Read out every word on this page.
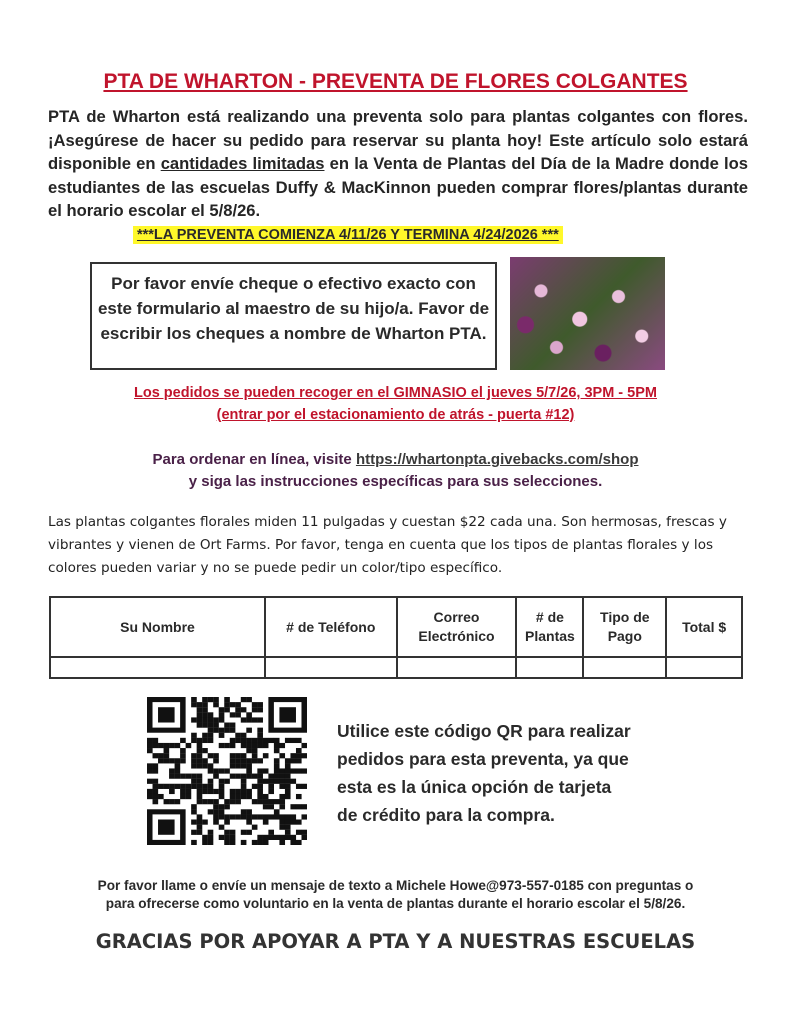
PTA DE WHARTON - PREVENTA DE FLORES COLGANTES

PTA de Wharton está realizando una preventa solo para plantas colgantes con flores. ¡Asegúrese de hacer su pedido para reservar su planta hoy! Este artículo solo estará disponible en cantidades limitadas en la Venta de Plantas del Día de la Madre donde los estudiantes de las escuelas Duffy & MacKinnon pueden comprar flores/plantas durante el horario escolar el 5/8/26.

***LA PREVENTA COMIENZA 4/11/26 Y TERMINA 4/24/2026 ***
Por favor envíe cheque o efectivo exacto con este formulario al maestro de su hijo/a. Favor de escribir los cheques a nombre de Wharton PTA.
Los pedidos se pueden recoger en el GIMNASIO el jueves 5/7/26, 3PM - 5PM
(entrar por el estacionamiento de atrás - puerta #12)
Para ordenar en línea, visite https://whartonpta.givebacks.com/shop
y siga las instrucciones específicas para sus selecciones.

Las plantas colgantes florales miden 11 pulgadas y cuestan $22 cada una. Son hermosas, frescas y vibrantes y vienen de Ort Farms. Por favor, tenga en cuenta que los tipos de plantas florales y los colores pueden variar y no se puede pedir un color/tipo específico.

Su Nombre	# de Teléfono	Correo Electrónico	# de Plantas	Tipo de Pago	Total $

Utilice este código QR para realizar
pedidos para esta preventa, ya que
esta es la única opción de tarjeta
de crédito para la compra.
Por favor llame o envíe un mensaje de texto a Michele Howe@973-557-0185 con preguntas o
para ofrecerse como voluntario en la venta de plantas durante el horario escolar el 5/8/26.
GRACIAS POR APOYAR A PTA Y A NUESTRAS ESCUELAS
